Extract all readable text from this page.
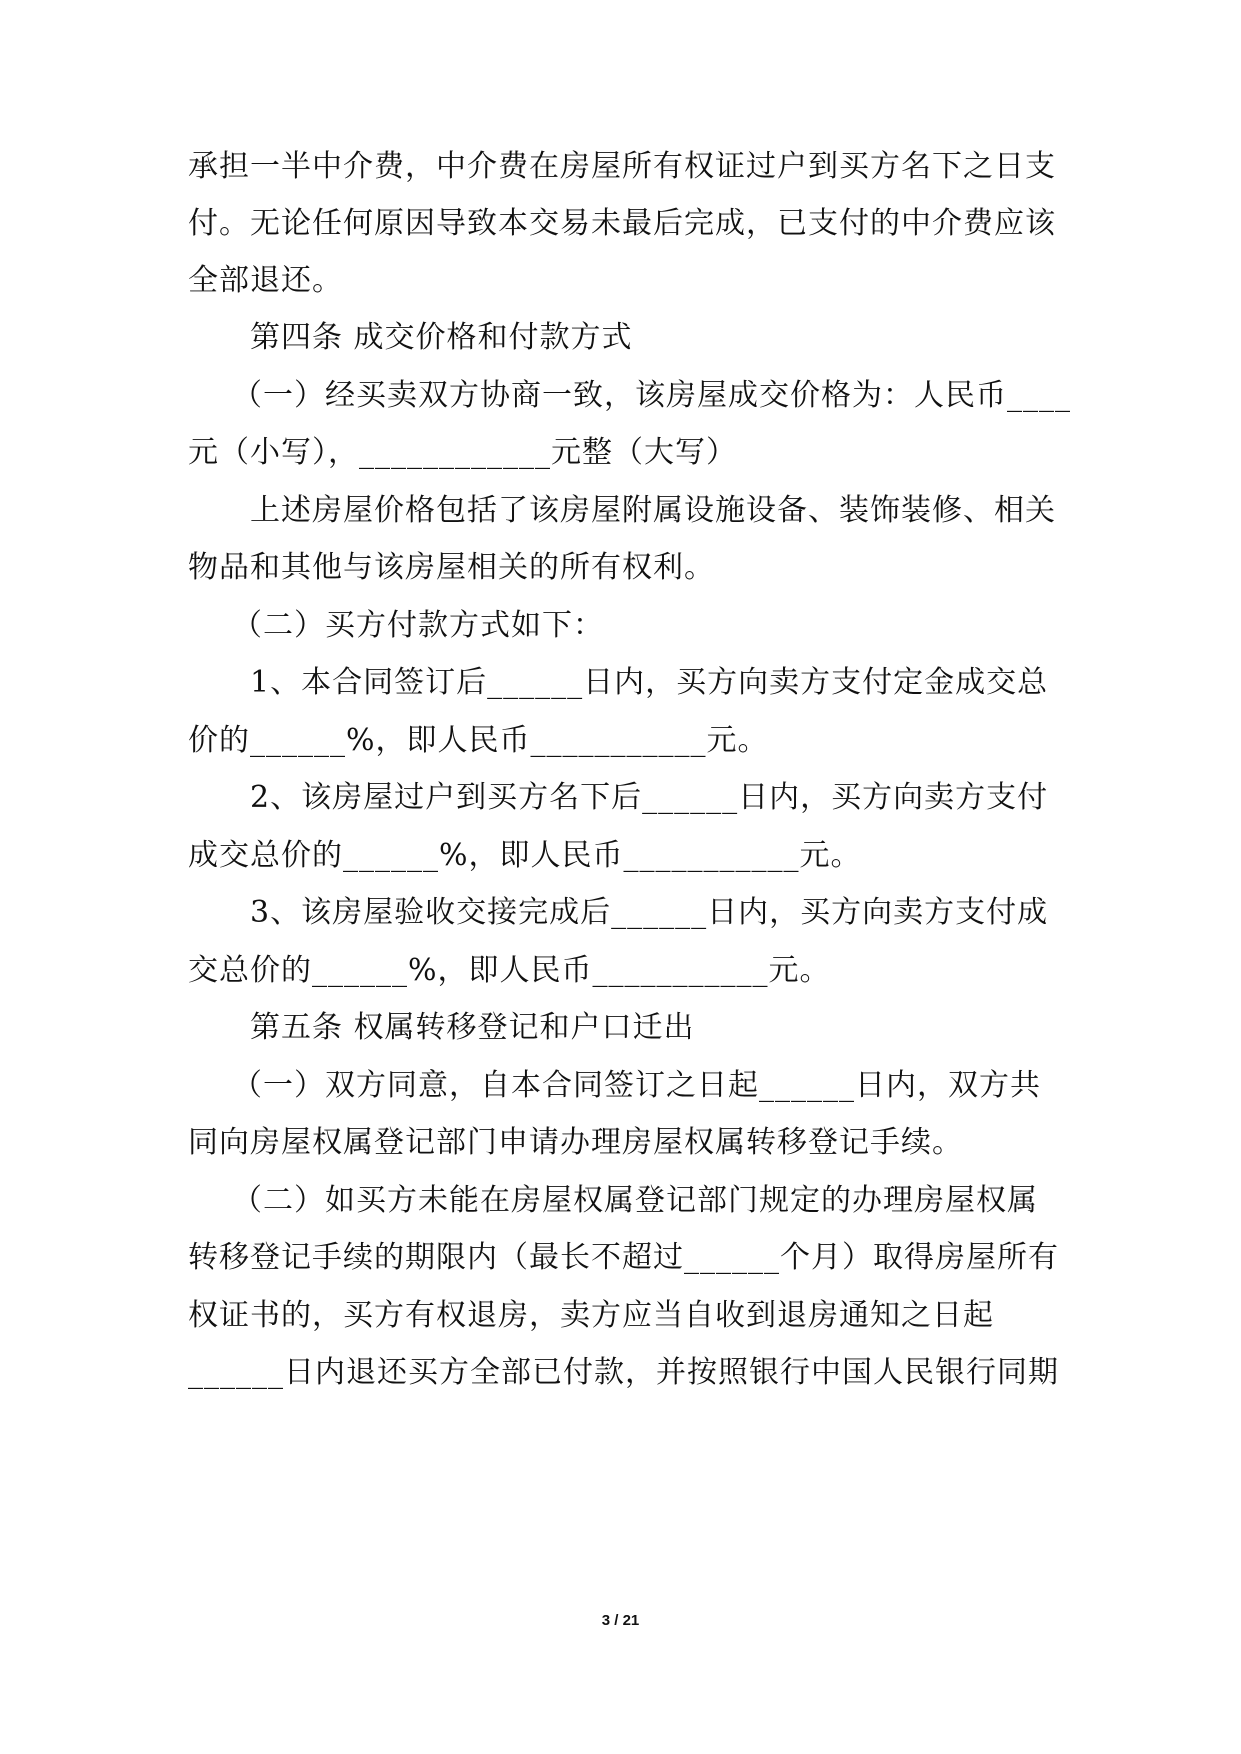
承担一半中介费，中介费在房屋所有权证过户到买方名下之日支
付。无论任何原因导致本交易未最后完成，已支付的中介费应该
全部退还。
第四条 成交价格和付款方式
（一）经买卖双方协商一致，该房屋成交价格为：人民币____
元（小写），____________元整（大写）
上述房屋价格包括了该房屋附属设施设备、装饰装修、相关
物品和其他与该房屋相关的所有权利。
（二）买方付款方式如下：
1、本合同签订后______日内，买方向卖方支付定金成交总
价的______%，即人民币___________元。
2、该房屋过户到买方名下后______日内，买方向卖方支付
成交总价的______%，即人民币___________元。
3、该房屋验收交接完成后______日内，买方向卖方支付成
交总价的______%，即人民币___________元。
第五条 权属转移登记和户口迁出
（一）双方同意，自本合同签订之日起______日内，双方共
同向房屋权属登记部门申请办理房屋权属转移登记手续。
（二）如买方未能在房屋权属登记部门规定的办理房屋权属
转移登记手续的期限内（最长不超过______个月）取得房屋所有
权证书的，买方有权退房，卖方应当自收到退房通知之日起
______日内退还买方全部已付款，并按照银行中国人民银行同期
3 / 21
